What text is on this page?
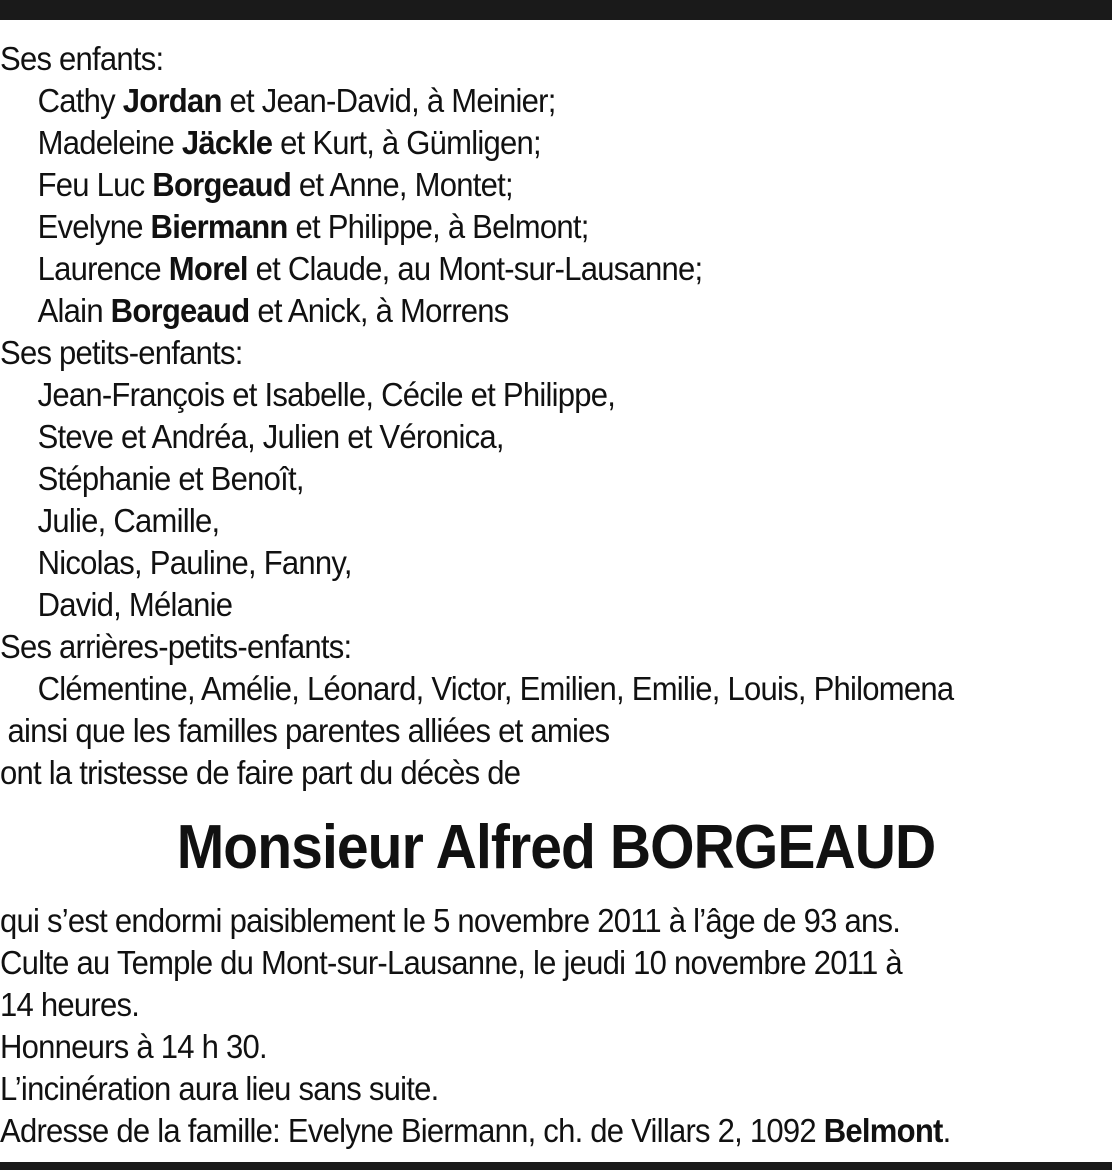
Ses enfants:
Cathy Jordan et Jean-David, à Meinier;
Madeleine Jäckle et Kurt, à Gümligen;
Feu Luc Borgeaud et Anne, Montet;
Evelyne Biermann et Philippe, à Belmont;
Laurence Morel et Claude, au Mont-sur-Lausanne;
Alain Borgeaud et Anick, à Morrens
Ses petits-enfants:
Jean-François et Isabelle, Cécile et Philippe,
Steve et Andréa, Julien et Véronica,
Stéphanie et Benoît,
Julie, Camille,
Nicolas, Pauline, Fanny,
David, Mélanie
Ses arrières-petits-enfants:
Clémentine, Amélie, Léonard, Victor, Emilien, Emilie, Louis, Philomena
ainsi que les familles parentes alliées et amies
ont la tristesse de faire part du décès de
Monsieur Alfred BORGEAUD
qui s’est endormi paisiblement le 5 novembre 2011 à l’âge de 93 ans.
Culte au Temple du Mont-sur-Lausanne, le jeudi 10 novembre 2011 à
14 heures.
Honneurs à 14 h 30.
L’incinération aura lieu sans suite.
Adresse de la famille: Evelyne Biermann, ch. de Villars 2, 1092 Belmont.
